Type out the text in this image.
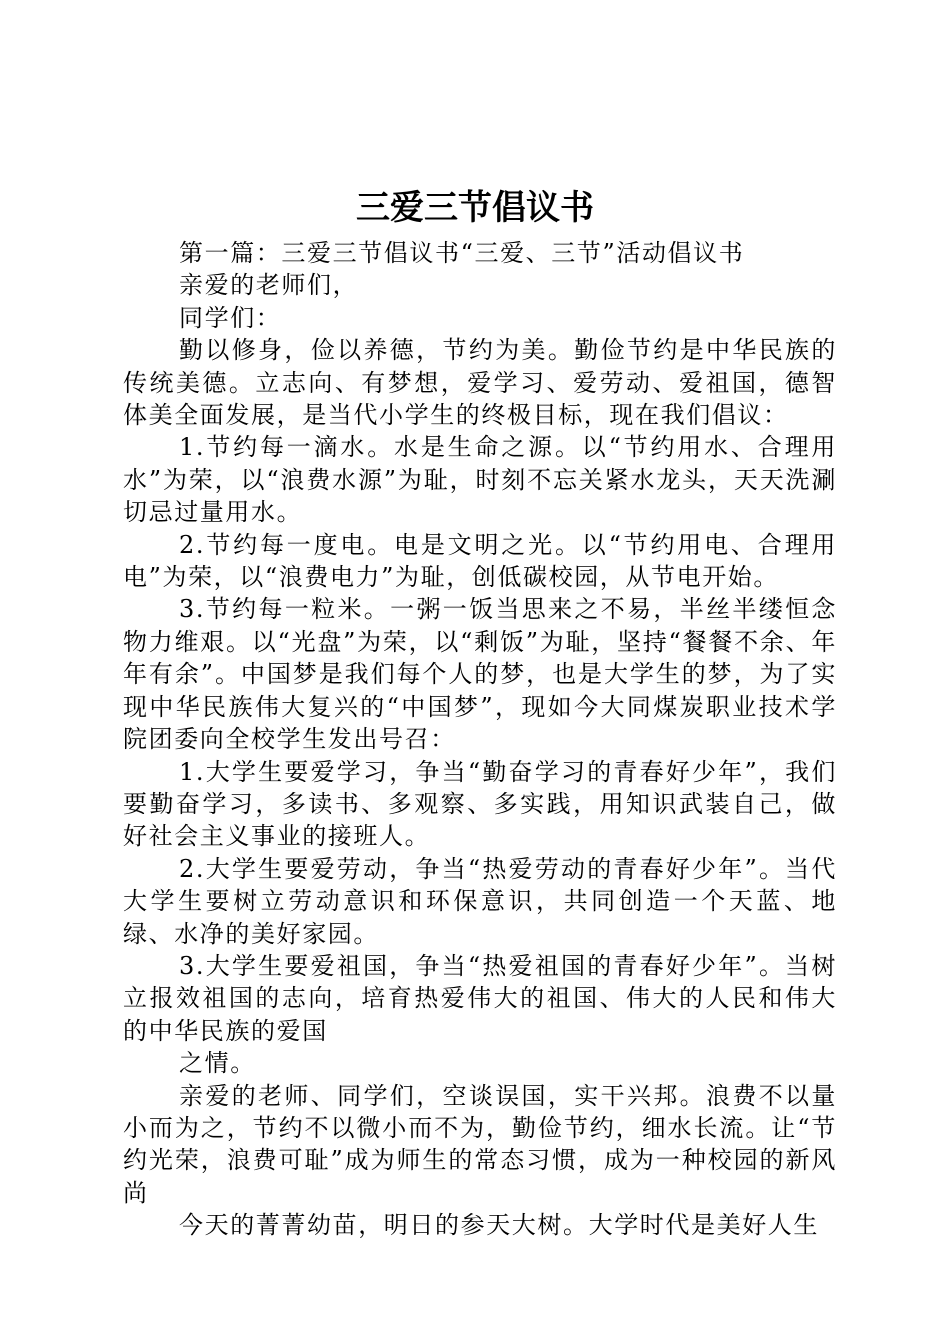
三爱三节倡议书

第一篇：三爱三节倡议书“三爱、三节”活动倡议书

亲爱的老师们，

同学们：

勤以修身，俭以养德，节约为美。勤俭节约是中华民族的传统美德。立志向、有梦想，爱学习、爱劳动、爱祖国，德智体美全面发展，是当代小学生的终极目标，现在我们倡议：

1.节约每一滴水。水是生命之源。以“节约用水、合理用水”为荣，以“浪费水源”为耻，时刻不忘关紧水龙头，天天洗涮切忌过量用水。

2.节约每一度电。电是文明之光。以“节约用电、合理用电”为荣，以“浪费电力”为耻，创低碳校园，从节电开始。

3.节约每一粒米。一粥一饭当思来之不易，半丝半缕恒念物力维艰。以“光盘”为荣，以“剩饭”为耻，坚持“餐餐不余、年年有余”。中国梦是我们每个人的梦，也是大学生的梦，为了实现中华民族伟大复兴的“中国梦”，现如今大同煤炭职业技术学院团委向全校学生发出号召：

1.大学生要爱学习，争当“勤奋学习的青春好少年”，我们要勤奋学习，多读书、多观察、多实践，用知识武装自己，做好社会主义事业的接班人。

2.大学生要爱劳动，争当“热爱劳动的青春好少年”。当代大学生要树立劳动意识和环保意识，共同创造一个天蓝、地绿、水净的美好家园。

3.大学生要爱祖国，争当“热爱祖国的青春好少年”。当树立报效祖国的志向，培育热爱伟大的祖国、伟大的人民和伟大的中华民族的爱国

之情。

亲爱的老师、同学们，空谈误国，实干兴邦。浪费不以量小而为之，节约不以微小而不为，勤俭节约，细水长流。让“节约光荣，浪费可耻”成为师生的常态习惯，成为一种校园的新风尚

今天的菁菁幼苗，明日的参天大树。大学时代是美好人生
